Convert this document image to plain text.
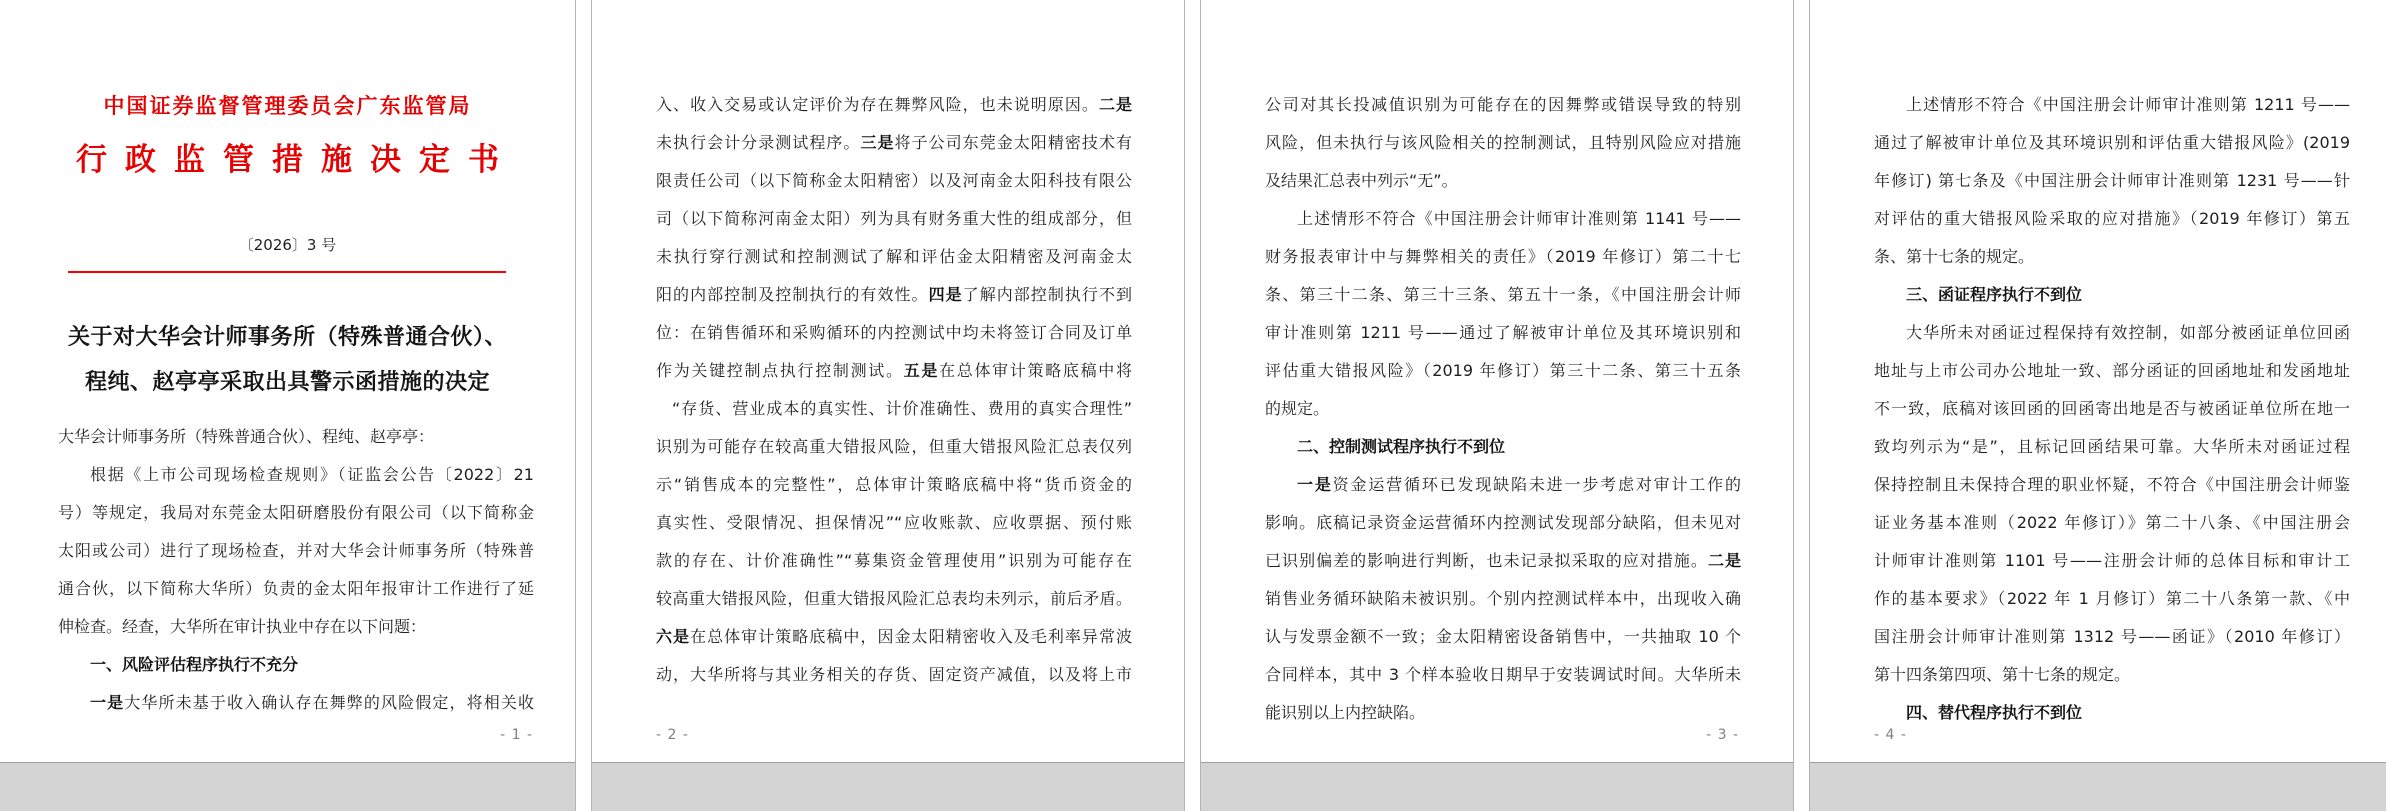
中国证券监督管理委员会广东监管局
行政监管措施决定书
〔2026〕3 号
关于对大华会计师事务所（特殊普通合伙）、
程纯、赵亭亭采取出具警示函措施的决定
大华会计师事务所（特殊普通合伙）、程纯、赵亭亭：
根据《上市公司现场检查规则》（证监会公告〔2022〕21
号）等规定，我局对东莞金太阳研磨股份有限公司（以下简称金
太阳或公司）进行了现场检查，并对大华会计师事务所（特殊普
通合伙，以下简称大华所）负责的金太阳年报审计工作进行了延
伸检查。经查，大华所在审计执业中存在以下问题：
一、风险评估程序执行不充分
一是大华所未基于收入确认存在舞弊的风险假定，将相关收
- 1 -
入、收入交易或认定评价为存在舞弊风险，也未说明原因。二是
未执行会计分录测试程序。三是将子公司东莞金太阳精密技术有
限责任公司（以下简称金太阳精密）以及河南金太阳科技有限公
司（以下简称河南金太阳）列为具有财务重大性的组成部分，但
未执行穿行测试和控制测试了解和评估金太阳精密及河南金太
阳的内部控制及控制执行的有效性。四是了解内部控制执行不到
位：在销售循环和采购循环的内控测试中均未将签订合同及订单
作为关键控制点执行控制测试。五是在总体审计策略底稿中将
“存货、营业成本的真实性、计价准确性、费用的真实合理性”
识别为可能存在较高重大错报风险，但重大错报风险汇总表仅列
示“销售成本的完整性”，总体审计策略底稿中将“货币资金的
真实性、受限情况、担保情况”“应收账款、应收票据、预付账
款的存在、计价准确性”“募集资金管理使用”识别为可能存在
较高重大错报风险，但重大错报风险汇总表均未列示，前后矛盾。
六是在总体审计策略底稿中，因金太阳精密收入及毛利率异常波
动，大华所将与其业务相关的存货、固定资产减值，以及将上市
- 2 -
公司对其长投减值识别为可能存在的因舞弊或错误导致的特别
风险，但未执行与该风险相关的控制测试，且特别风险应对措施
及结果汇总表中列示“无”。
上述情形不符合《中国注册会计师审计准则第 1141 号——
财务报表审计中与舞弊相关的责任》（2019 年修订）第二十七
条、第三十二条、第三十三条、第五十一条，《中国注册会计师
审计准则第 1211 号——通过了解被审计单位及其环境识别和
评估重大错报风险》（2019 年修订）第三十二条、第三十五条
的规定。
二、控制测试程序执行不到位
一是资金运营循环已发现缺陷未进一步考虑对审计工作的
影响。底稿记录资金运营循环内控测试发现部分缺陷，但未见对
已识别偏差的影响进行判断，也未记录拟采取的应对措施。二是
销售业务循环缺陷未被识别。个别内控测试样本中，出现收入确
认与发票金额不一致；金太阳精密设备销售中，一共抽取 10 个
合同样本，其中 3 个样本验收日期早于安装调试时间。大华所未
能识别以上内控缺陷。
- 3 -
上述情形不符合《中国注册会计师审计准则第 1211 号——
通过了解被审计单位及其环境识别和评估重大错报风险》(2019
年修订) 第七条及《中国注册会计师审计准则第 1231 号——针
对评估的重大错报风险采取的应对措施》（2019 年修订）第五
条、第十七条的规定。
三、函证程序执行不到位
大华所未对函证过程保持有效控制，如部分被函证单位回函
地址与上市公司办公地址一致、部分函证的回函地址和发函地址
不一致，底稿对该回函的回函寄出地是否与被函证单位所在地一
致均列示为“是”，且标记回函结果可靠。大华所未对函证过程
保持控制且未保持合理的职业怀疑，不符合《中国注册会计师鉴
证业务基本准则（2022 年修订）》第二十八条、《中国注册会
计师审计准则第 1101 号——注册会计师的总体目标和审计工
作的基本要求》（2022 年 1 月修订）第二十八条第一款、《中
国注册会计师审计准则第 1312 号——函证》（2010 年修订）
第十四条第四项、第十七条的规定。
四、替代程序执行不到位
- 4 -
